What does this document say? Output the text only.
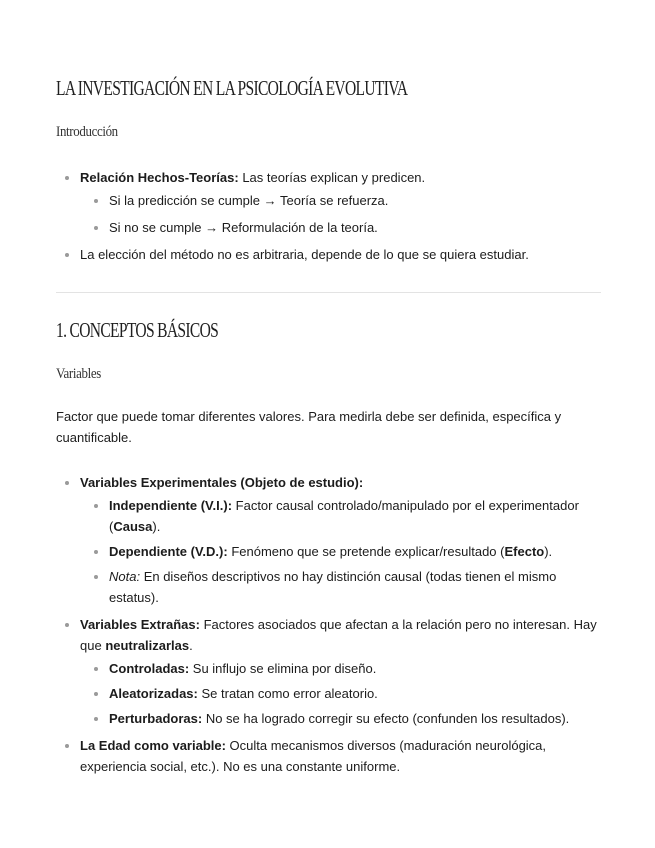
LA INVESTIGACIÓN EN LA PSICOLOGÍA EVOLUTIVA
Introducción
Relación Hechos-Teorías: Las teorías explican y predicen.
Si la predicción se cumple → Teoría se refuerza.
Si no se cumple → Reformulación de la teoría.
La elección del método no es arbitraria, depende de lo que se quiera estudiar.
1. CONCEPTOS BÁSICOS
Variables

Factor que puede tomar diferentes valores. Para medirla debe ser definida, específica y cuantificable.

Variables Experimentales (Objeto de estudio):
Independiente (V.I.): Factor causal controlado/manipulado por el experimentador (Causa).
Dependiente (V.D.): Fenómeno que se pretende explicar/resultado (Efecto).
Nota: En diseños descriptivos no hay distinción causal (todas tienen el mismo estatus).
Variables Extrañas: Factores asociados que afectan a la relación pero no interesan. Hay que neutralizarlas.
Controladas: Su influjo se elimina por diseño.
Aleatorizadas: Se tratan como error aleatorio.
Perturbadoras: No se ha logrado corregir su efecto (confunden los resultados).
La Edad como variable: Oculta mecanismos diversos (maduración neurológica, experiencia social, etc.). No es una constante uniforme.
